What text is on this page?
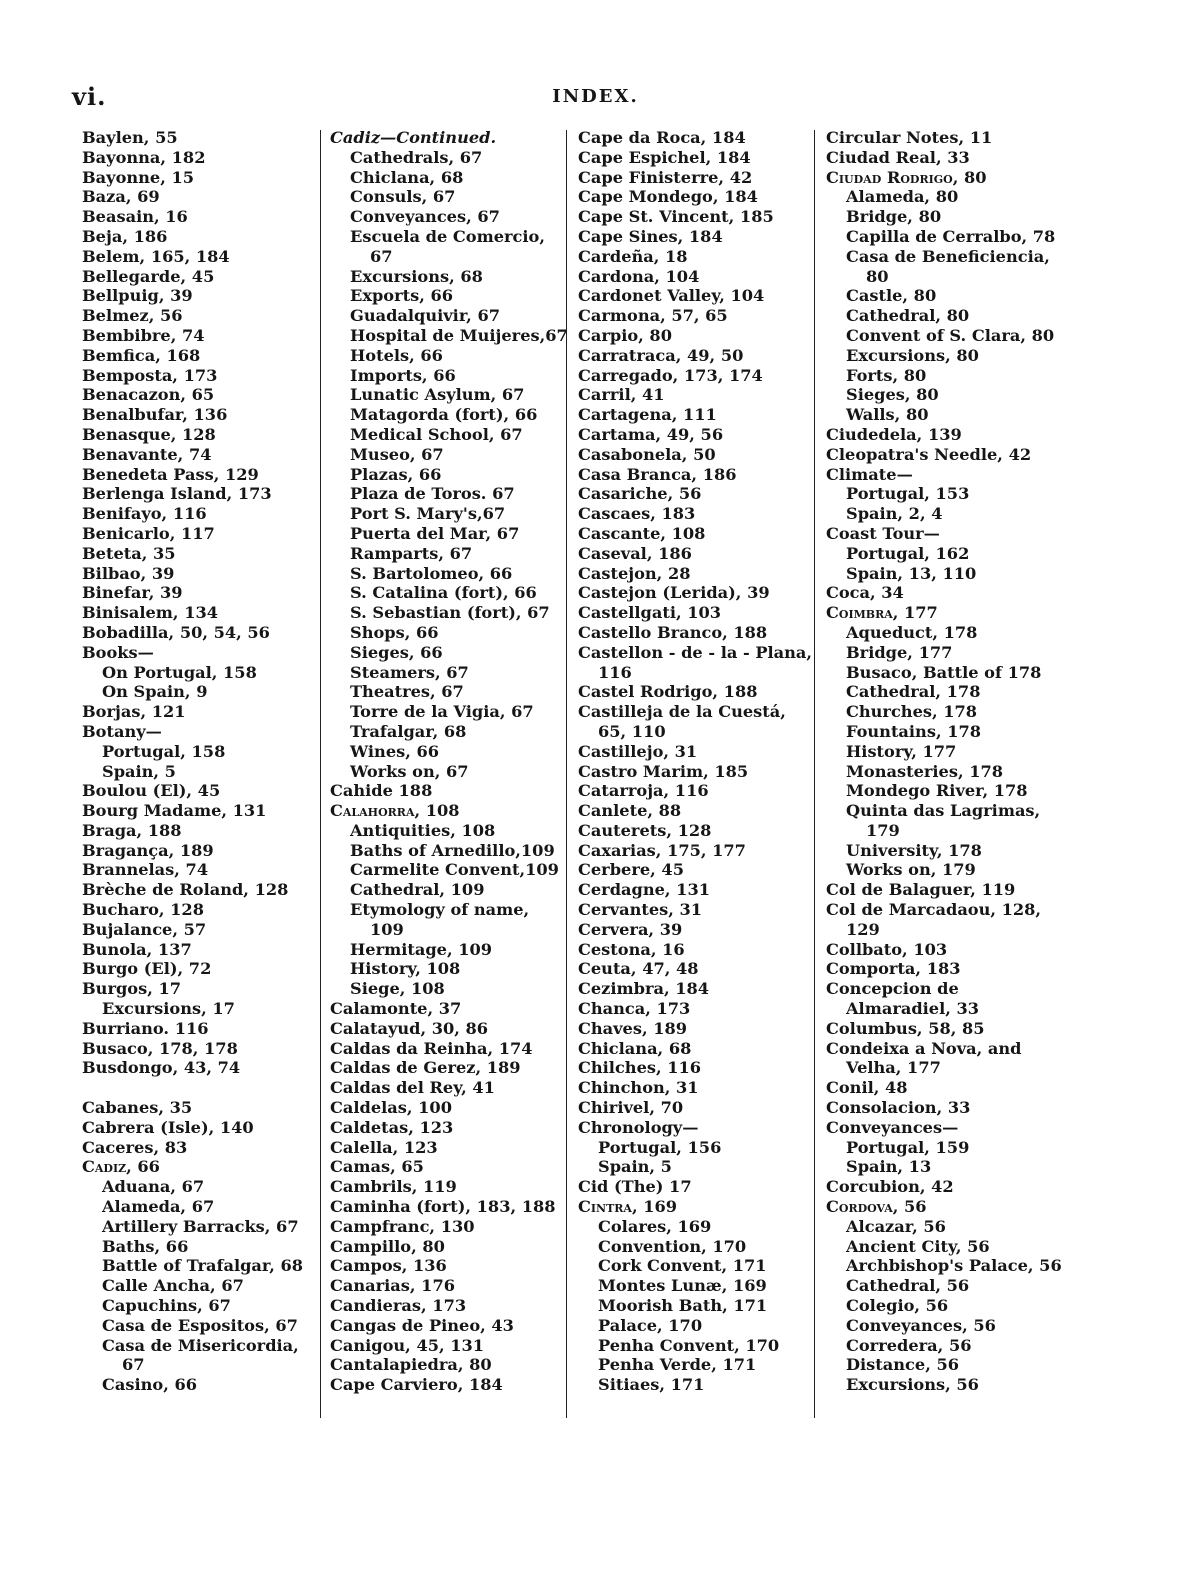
vi.	INDEX.
Baylen, 55
Bayonna, 182
Bayonne, 15
Baza, 69
Beasain, 16
Beja, 186
Belem, 165, 184
Bellegarde, 45
Bellpuig, 39
Belmez, 56
Bembibre, 74
Bemfica, 168
Bemposta, 173
Benacazon, 65
Benalbufar, 136
Benasque, 128
Benavante, 74
Benedeta Pass, 129
Berlenga Island, 173
Benifayo, 116
Benicarlo, 117
Beteta, 35
Bilbao, 39
Binefar, 39
Binisalem, 134
Bobadilla, 50, 54, 56
Books—
On Portugal, 158
On Spain, 9
Borjas, 121
Botany—
Portugal, 158
Spain, 5
Boulou (El), 45
Bourg Madame, 131
Braga, 188
Bragança, 189
Brannelas, 74
Brèche de Roland, 128
Bucharo, 128
Bujalance, 57
Bunola, 137
Burgo (El), 72
Burgos, 17
Excursions, 17
Burriano. 116
Busaco, 178, 178
Busdongo, 43, 74
Cabanes, 35
Cabrera (Isle), 140
Caceres, 83
Cadiz, 66
Aduana, 67
Alameda, 67
Artillery Barracks, 67
Baths, 66
Battle of Trafalgar, 68
Calle Ancha, 67
Capuchins, 67
Casa de Espositos, 67
Casa de Misericordia,
67
Casino, 66
Cadiz—Continued.
Cathedrals, 67
Chiclana, 68
Consuls, 67
Conveyances, 67
Escuela de Comercio,
67
Excursions, 68
Exports, 66
Guadalquivir, 67
Hospital de Muijeres,67
Hotels, 66
Imports, 66
Lunatic Asylum, 67
Matagorda (fort), 66
Medical School, 67
Museo, 67
Plazas, 66
Plaza de Toros. 67
Port S. Mary's,67
Puerta del Mar, 67
Ramparts, 67
S. Bartolomeo, 66
S. Catalina (fort), 66
S. Sebastian (fort), 67
Shops, 66
Sieges, 66
Steamers, 67
Theatres, 67
Torre de la Vigia, 67
Trafalgar, 68
Wines, 66
Works on, 67
Cahide 188
Calahorra, 108
Antiquities, 108
Baths of Arnedillo,109
Carmelite Convent,109
Cathedral, 109
Etymology of name,
109
Hermitage, 109
History, 108
Siege, 108
Calamonte, 37
Calatayud, 30, 86
Caldas da Reinha, 174
Caldas de Gerez, 189
Caldas del Rey, 41
Caldelas, 100
Caldetas, 123
Calella, 123
Camas, 65
Cambrils, 119
Caminha (fort), 183, 188
Campfranc, 130
Campillo, 80
Campos, 136
Canarias, 176
Candieras, 173
Cangas de Pineo, 43
Canigou, 45, 131
Cantalapiedra, 80
Cape Carviero, 184
Cape da Roca, 184
Cape Espichel, 184
Cape Finisterre, 42
Cape Mondego, 184
Cape St. Vincent, 185
Cape Sines, 184
Cardeña, 18
Cardona, 104
Cardonet Valley, 104
Carmona, 57, 65
Carpio, 80
Carratraca, 49, 50
Carregado, 173, 174
Carril, 41
Cartagena, 111
Cartama, 49, 56
Casabonela, 50
Casa Branca, 186
Casariche, 56
Cascaes, 183
Cascante, 108
Caseval, 186
Castejon, 28
Castejon (Lerida), 39
Castellgati, 103
Castello Branco, 188
Castellon - de - la - Plana,
116
Castel Rodrigo, 188
Castilleja de la Cuestá,
65, 110
Castillejo, 31
Castro Marim, 185
Catarroja, 116
Canlete, 88
Cauterets, 128
Caxarias, 175, 177
Cerbere, 45
Cerdagne, 131
Cervantes, 31
Cervera, 39
Cestona, 16
Ceuta, 47, 48
Cezimbra, 184
Chanca, 173
Chaves, 189
Chiclana, 68
Chilches, 116
Chinchon, 31
Chirivel, 70
Chronology—
Portugal, 156
Spain, 5
Cid (The) 17
Cintra, 169
Colares, 169
Convention, 170
Cork Convent, 171
Montes Lunæ, 169
Moorish Bath, 171
Palace, 170
Penha Convent, 170
Penha Verde, 171
Sitiaes, 171
Circular Notes, 11
Ciudad Real, 33
Ciudad Rodrigo, 80
Alameda, 80
Bridge, 80
Capilla de Cerralbo, 78
Casa de Beneficiencia,
80
Castle, 80
Cathedral, 80
Convent of S. Clara, 80
Excursions, 80
Forts, 80
Sieges, 80
Walls, 80
Ciudedela, 139
Cleopatra's Needle, 42
Climate—
Portugal, 153
Spain, 2, 4
Coast Tour—
Portugal, 162
Spain, 13, 110
Coca, 34
Coimbra, 177
Aqueduct, 178
Bridge, 177
Busaco, Battle of 178
Cathedral, 178
Churches, 178
Fountains, 178
History, 177
Monasteries, 178
Mondego River, 178
Quinta das Lagrimas,
179
University, 178
Works on, 179
Col de Balaguer, 119
Col de Marcadaou, 128,
129
Collbato, 103
Comporta, 183
Concepcion de
Almaradiel, 33
Columbus, 58, 85
Condeixa a Nova, and
Velha, 177
Conil, 48
Consolacion, 33
Conveyances—
Portugal, 159
Spain, 13
Corcubion, 42
Cordova, 56
Alcazar, 56
Ancient City, 56
Archbishop's Palace, 56
Cathedral, 56
Colegio, 56
Conveyances, 56
Corredera, 56
Distance, 56
Excursions, 56
